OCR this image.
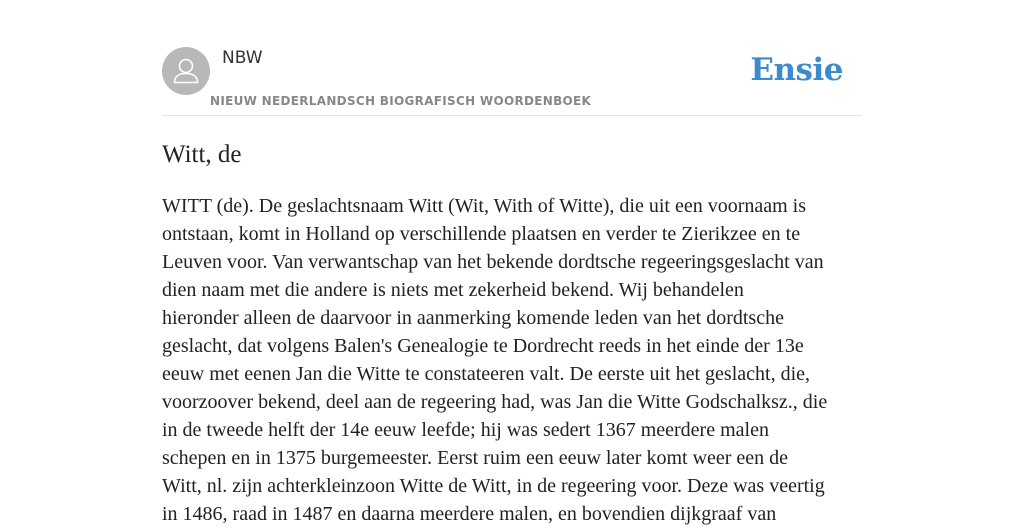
NBW
NIEUW NEDERLANDSCH BIOGRAFISCH WOORDENBOEK
Ensie
Witt, de

WITT (de). De geslachtsnaam Witt (Wit, With of Witte), die uit een voornaam is
ontstaan, komt in Holland op verschillende plaatsen en verder te Zierikzee en te
Leuven voor. Van verwantschap van het bekende dordtsche regeeringsgeslacht van
dien naam met die andere is niets met zekerheid bekend. Wij behandelen
hieronder alleen de daarvoor in aanmerking komende leden van het dordtsche
geslacht, dat volgens Balen's Genealogie te Dordrecht reeds in het einde der 13e
eeuw met eenen Jan die Witte te constateeren valt. De eerste uit het geslacht, die,
voorzoover bekend, deel aan de regeering had, was Jan die Witte Godschalksz., die
in de tweede helft der 14e eeuw leefde; hij was sedert 1367 meerdere malen
schepen en in 1375 burgemeester. Eerst ruim een eeuw later komt weer een de
Witt, nl. zijn achterkleinzoon Witte de Witt, in de regeering voor. Deze was veertig
in 1486, raad in 1487 en daarna meerdere malen, en bovendien dijkgraaf van
